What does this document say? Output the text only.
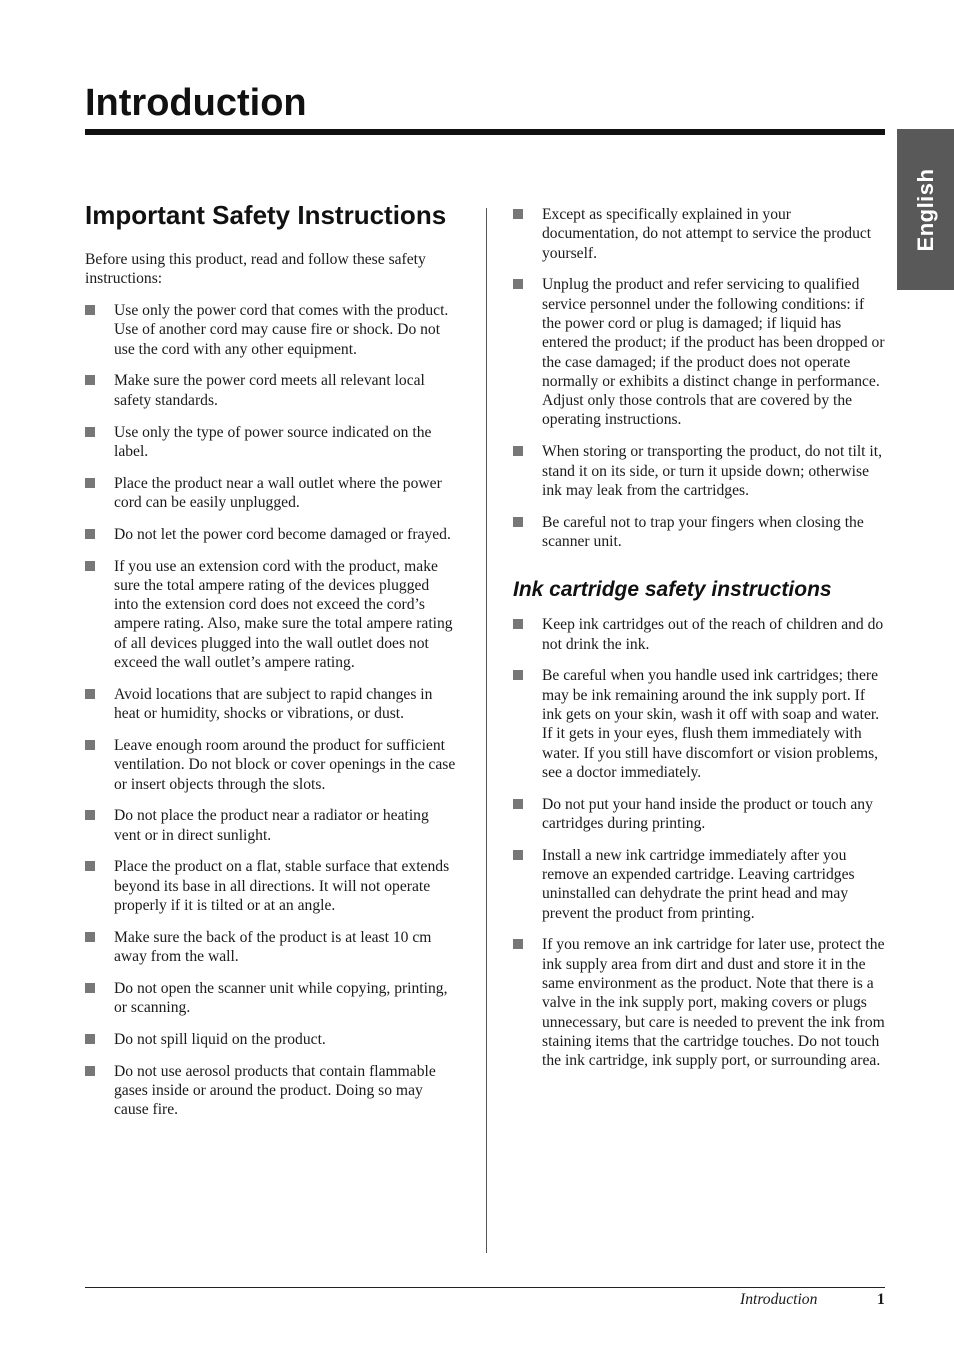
Introduction
English
Important Safety Instructions

Before using this product, read and follow these safety instructions:

Use only the power cord that comes with the product. Use of another cord may cause fire or shock. Do not use the cord with any other equipment.
Make sure the power cord meets all relevant local safety standards.
Use only the type of power source indicated on the label.
Place the product near a wall outlet where the power cord can be easily unplugged.
Do not let the power cord become damaged or frayed.
If you use an extension cord with the product, make sure the total ampere rating of the devices plugged into the extension cord does not exceed the cord’s ampere rating. Also, make sure the total ampere rating of all devices plugged into the wall outlet does not exceed the wall outlet’s ampere rating.
Avoid locations that are subject to rapid changes in heat or humidity, shocks or vibrations, or dust.
Leave enough room around the product for sufficient ventilation. Do not block or cover openings in the case or insert objects through the slots.
Do not place the product near a radiator or heating vent or in direct sunlight.
Place the product on a flat, stable surface that extends beyond its base in all directions. It will not operate properly if it is tilted or at an angle.
Make sure the back of the product is at least 10 cm away from the wall.
Do not open the scanner unit while copying, printing, or scanning.
Do not spill liquid on the product.
Do not use aerosol products that contain flammable gases inside or around the product. Doing so may cause fire.
Except as specifically explained in your documentation, do not attempt to service the product yourself.
Unplug the product and refer servicing to qualified service personnel under the following conditions: if the power cord or plug is damaged; if liquid has entered the product; if the product has been dropped or the case damaged; if the product does not operate normally or exhibits a distinct change in performance. Adjust only those controls that are covered by the operating instructions.
When storing or transporting the product, do not tilt it, stand it on its side, or turn it upside down; otherwise ink may leak from the cartridges.
Be careful not to trap your fingers when closing the scanner unit.
Ink cartridge safety instructions
Keep ink cartridges out of the reach of children and do not drink the ink.
Be careful when you handle used ink cartridges; there may be ink remaining around the ink supply port. If ink gets on your skin, wash it off with soap and water. If it gets in your eyes, flush them immediately with water. If you still have discomfort or vision problems, see a doctor immediately.
Do not put your hand inside the product or touch any cartridges during printing.
Install a new ink cartridge immediately after you remove an expended cartridge. Leaving cartridges uninstalled can dehydrate the print head and may prevent the product from printing.
If you remove an ink cartridge for later use, protect the ink supply area from dirt and dust and store it in the same environment as the product. Note that there is a valve in the ink supply port, making covers or plugs unnecessary, but care is needed to prevent the ink from staining items that the cartridge touches. Do not touch the ink cartridge, ink supply port, or surrounding area.
Introduction	1
